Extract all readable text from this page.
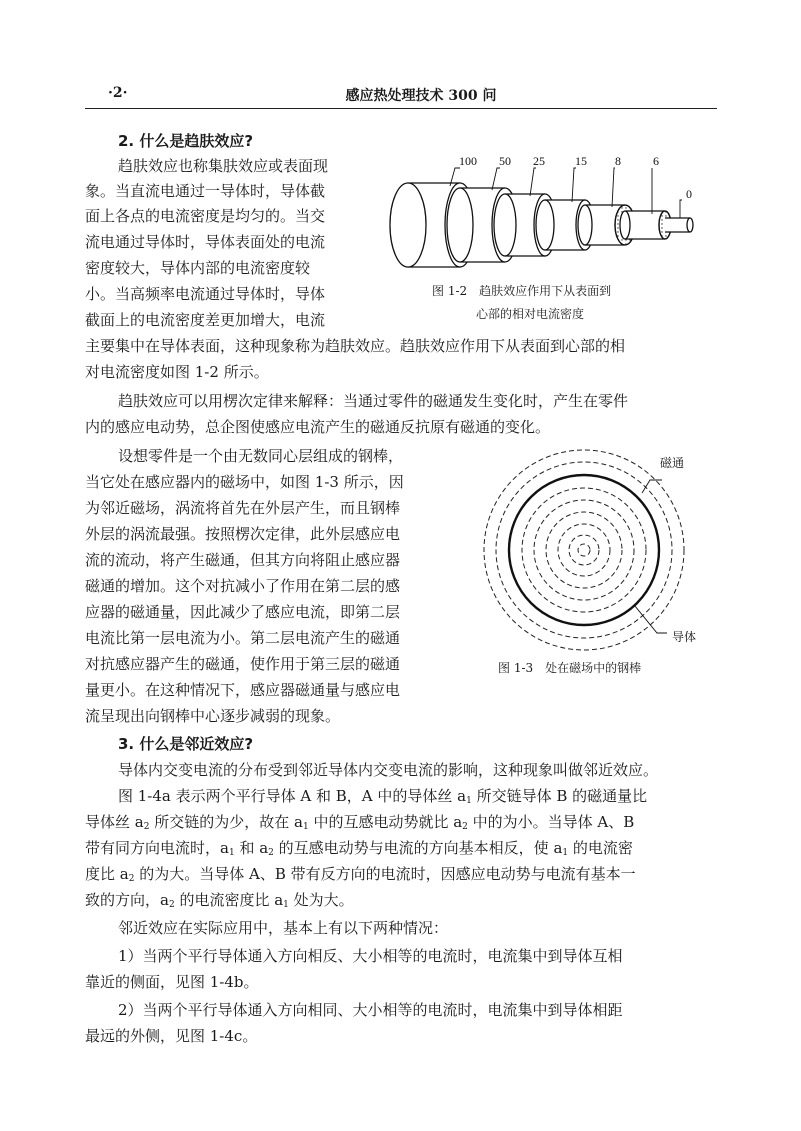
·2·	感应热处理技术 300 问
2. 什么是趋肤效应?
趋肤效应也称集肤效应或表面现
象。当直流电通过一导体时，导体截
面上各点的电流密度是均匀的。当交
流电通过导体时，导体表面处的电流
密度较大，导体内部的电流密度较
小。当高频率电流通过导体时，导体
截面上的电流密度差更加增大，电流
主要集中在导体表面，这种现象称为趋肤效应。趋肤效应作用下从表面到心部的相
对电流密度如图 1-2 所示。
趋肤效应可以用楞次定律来解释：当通过零件的磁通发生变化时，产生在零件
内的感应电动势，总企图使感应电流产生的磁通反抗原有磁通的变化。
设想零件是一个由无数同心层组成的钢棒，
当它处在感应器内的磁场中，如图 1-3 所示，因
为邻近磁场，涡流将首先在外层产生，而且钢棒
外层的涡流最强。按照楞次定律，此外层感应电
流的流动，将产生磁通，但其方向将阻止感应器
磁通的增加。这个对抗减小了作用在第二层的感
应器的磁通量，因此减少了感应电流，即第二层
电流比第一层电流为小。第二层电流产生的磁通
对抗感应器产生的磁通，使作用于第三层的磁通
量更小。在这种情况下，感应器磁通量与感应电
流呈现出向钢棒中心逐步减弱的现象。
100 50 25	15 8	6
0
图 1-2　趋肤效应作用下从表面到
心部的相对电流密度
磁通
导体
图 1-3　处在磁场中的钢棒
3. 什么是邻近效应?
导体内交变电流的分布受到邻近导体内交变电流的影响，这种现象叫做邻近效应。
图 1-4a 表示两个平行导体 A 和 B，A 中的导体丝 $a_1$ 所交链导体 B 的磁通量比
导体丝 $a_2$ 所交链的为少，故在 $a_1$ 中的互感电动势就比 $a_2$ 中的为小。当导体 A、B
带有同方向电流时，$a_1$ 和 $a_2$ 的互感电动势与电流的方向基本相反，使 $a_1$ 的电流密
度比 $a_2$ 的为大。当导体 A、B 带有反方向的电流时，因感应电动势与电流有基本一
致的方向，$a_2$ 的电流密度比 $a_1$ 处为大。
邻近效应在实际应用中，基本上有以下两种情况：
1）当两个平行导体通入方向相反、大小相等的电流时，电流集中到导体互相
靠近的侧面，见图 1-4b。
2）当两个平行导体通入方向相同、大小相等的电流时，电流集中到导体相距
最远的外侧，见图 1-4c。
